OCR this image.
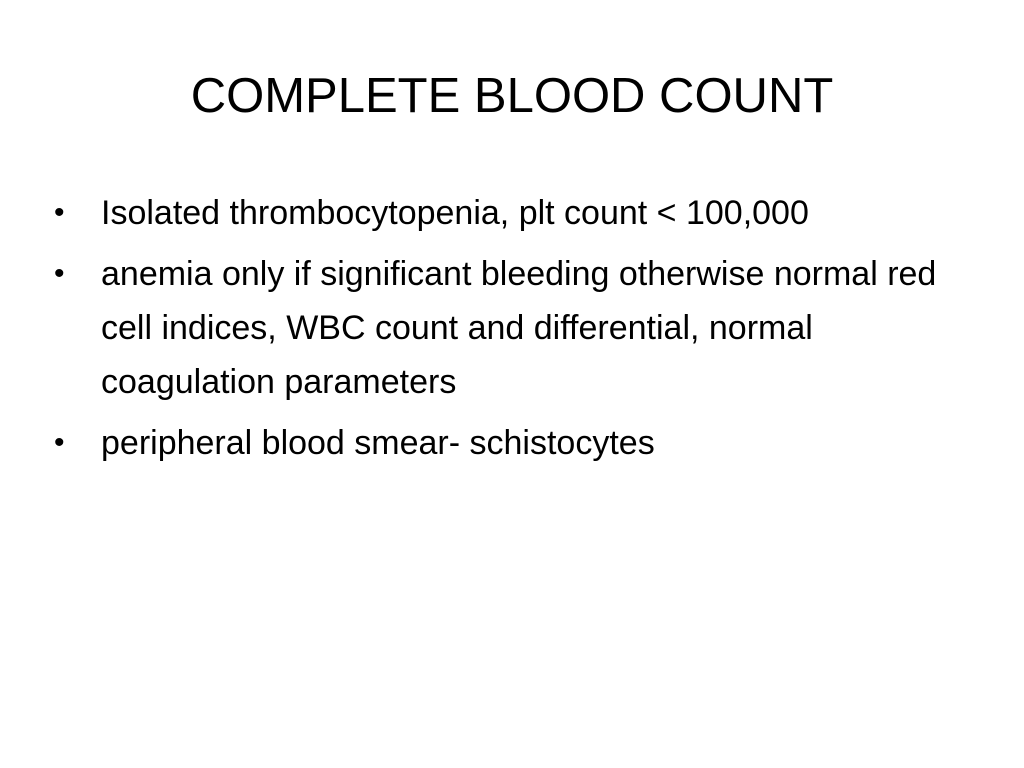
COMPLETE BLOOD COUNT
•	Isolated thrombocytopenia, plt count < 100,000
•	anemia only if significant bleeding otherwise normal red cell indices, WBC count and differential, normal coagulation parameters
•	peripheral blood smear- schistocytes
